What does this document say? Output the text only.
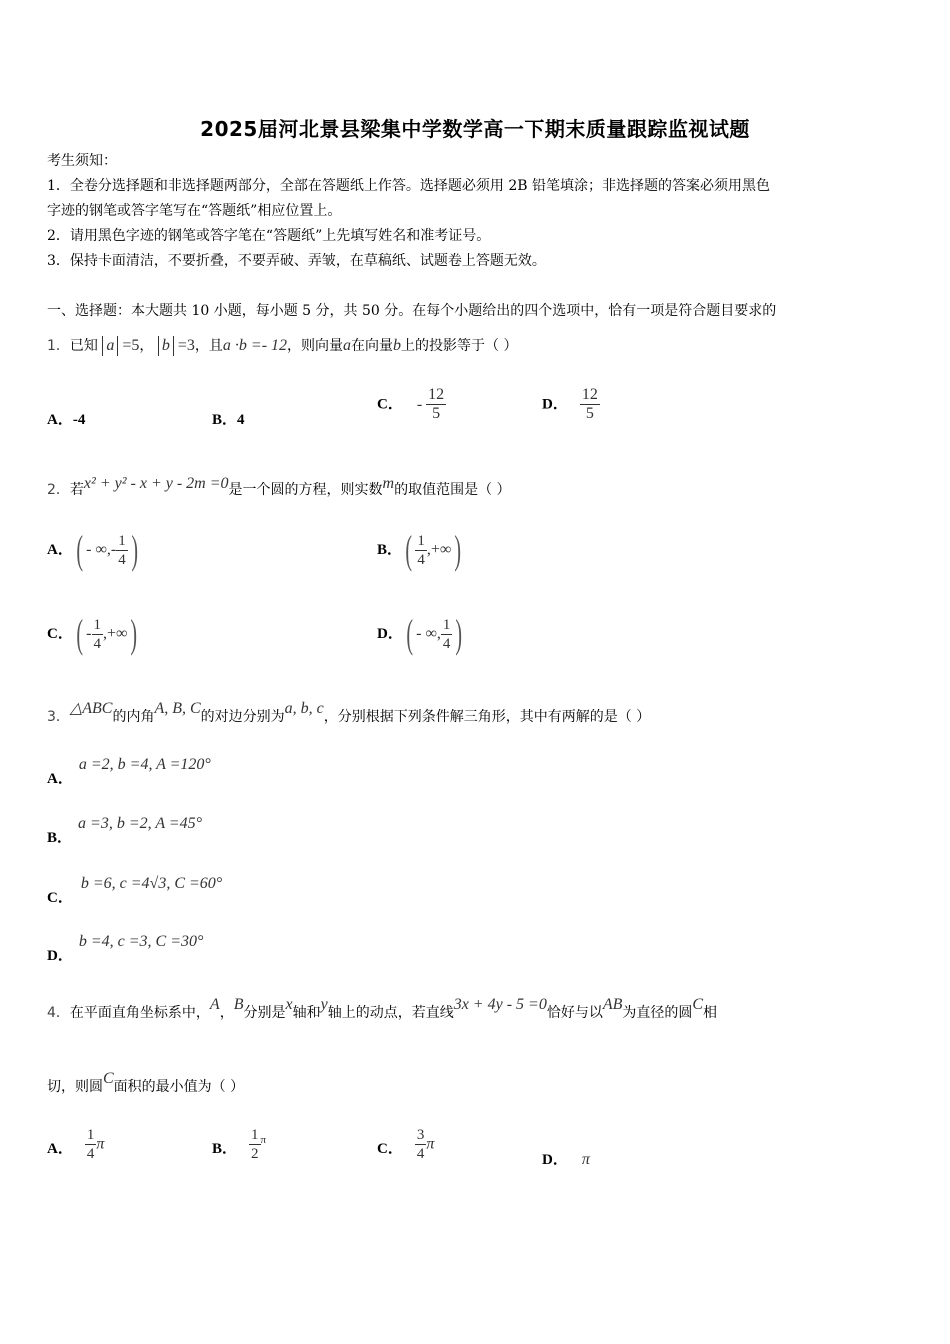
2025届河北景县梁集中学数学高一下期末质量跟踪监视试题
考生须知：
1．全卷分选择题和非选择题两部分，全部在答题纸上作答。选择题必须用 2B 铅笔填涂；非选择题的答案必须用黑色
字迹的钢笔或答字笔写在“答题纸”相应位置上。
2．请用黑色字迹的钢笔或答字笔在“答题纸”上先填写姓名和准考证号。
3．保持卡面清洁，不要折叠，不要弄破、弄皱，在草稿纸、试题卷上答题无效。
一、选择题：本大题共 10 小题，每小题 5 分，共 50 分。在每个小题给出的四个选项中，恰有一项是符合题目要求的
1．已知 a =5， b =3，且a ·b =- 12，则向量a在向量b上的投影等于（ ）
A．-4	B．4
C． - $\frac{12}{5}$	D． $\frac{12}{5}$
2．若x² + y² - x + y - 2m =0是一个圆的方程，则实数m的取值范围是（ ）
A．( - ∞,- $\frac{1}{4}$ )	B．( $\frac{1}{4}$ ,+∞)
C．( - $\frac{1}{4}$ ,+∞)	D．( - ∞, $\frac{1}{4}$ )
3．△ABC的内角A, B, C的对边分别为a, b, c，分别根据下列条件解三角形，其中有两解的是（ ）
A．a =2, b =4, A =120°
B．a =3, b =2, A =45°
C．b =6, c =4√3, C =60°
D．b =4, c =3, C =30°
4．在平面直角坐标系中，A，B分别是x轴和y轴上的动点，若直线3x + 4y - 5 =0恰好与以AB为直径的圆C相
切，则圆C面积的最小值为（ ）
A． $\frac{1}{4}$ π	B． $\frac{1}{2} ^\pi$
C． $\frac{3}{4}$ π
D． π
